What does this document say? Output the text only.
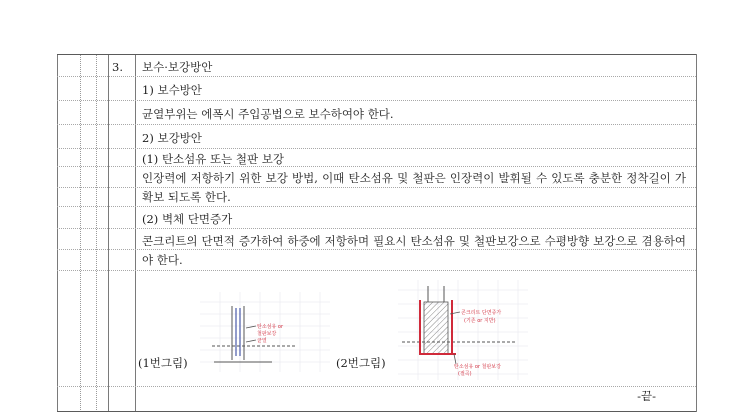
3. 보수·보강방안
1) 보수방안
균열부위는 에폭시 주입공법으로 보수하여야 한다.
2) 보강방안
(1) 탄소섬유 또는 철판 보강
인장력에 저항하기 위한 보강 방법, 이때 탄소섬유 및 철판은 인장력이 발휘될 수 있도록 충분한 정착길이 가 확보 되도록 한다.
(2) 벽체 단면증가
콘크리트의 단면적 증가하여 하중에 저항하며 필요시 탄소섬유 및 철판보강으로 수평방향 보강으로 겸용하여야 한다.
탄소섬유 or
철판보강
균열
콘크리트 단면증가
(기존 or 지반)
탄소섬유 or 철판보강
(절곡)
(1번그림)	(2번그림)
-끝-
